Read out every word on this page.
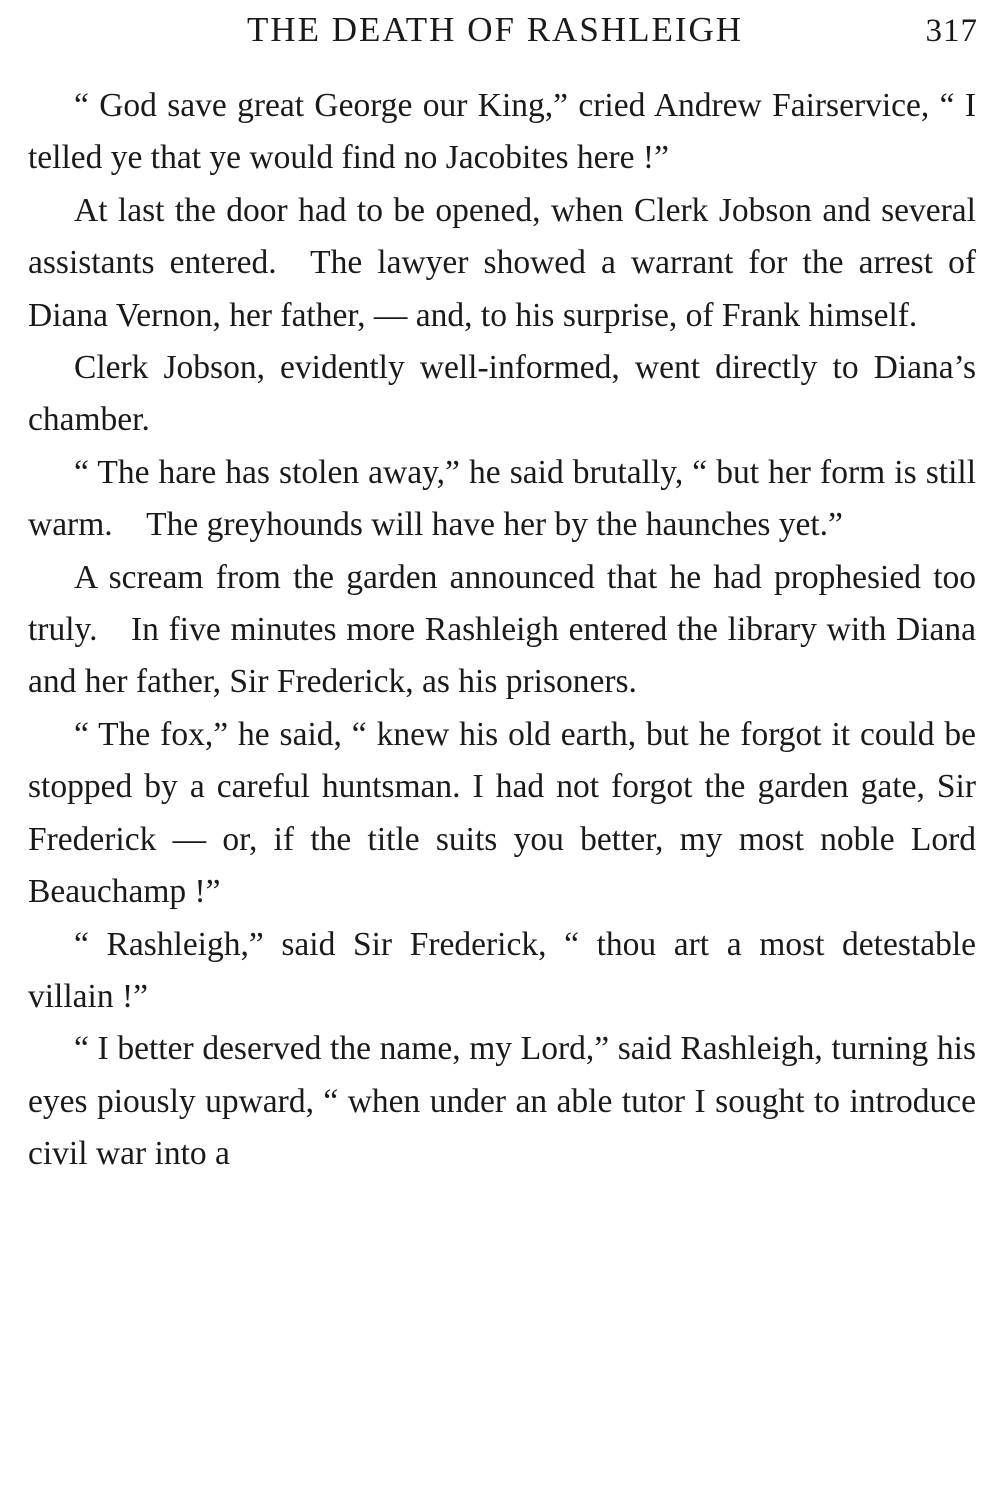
THE DEATH OF RASHLEIGH	317

“ God save great George our King,” cried Andrew Fairservice, “ I telled ye that ye would find no Jacobites here !”

At last the door had to be opened, when Clerk Jobson and several assistants entered. The lawyer showed a warrant for the arrest of Diana Vernon, her father, — and, to his surprise, of Frank himself.

Clerk Jobson, evidently well-informed, went directly to Diana’s chamber.

“ The hare has stolen away,” he said brutally, “ but her form is still warm. The greyhounds will have her by the haunches yet.”

A scream from the garden announced that he had prophesied too truly. In five minutes more Rashleigh entered the library with Diana and her father, Sir Frederick, as his prisoners.

“ The fox,” he said, “ knew his old earth, but he forgot it could be stopped by a careful huntsman. I had not forgot the garden gate, Sir Frederick — or, if the title suits you better, my most noble Lord Beauchamp !”

“ Rashleigh,” said Sir Frederick, “ thou art a most detestable villain !”

“ I better deserved the name, my Lord,” said Rashleigh, turning his eyes piously upward, “ when under an able tutor I sought to introduce civil war into a
